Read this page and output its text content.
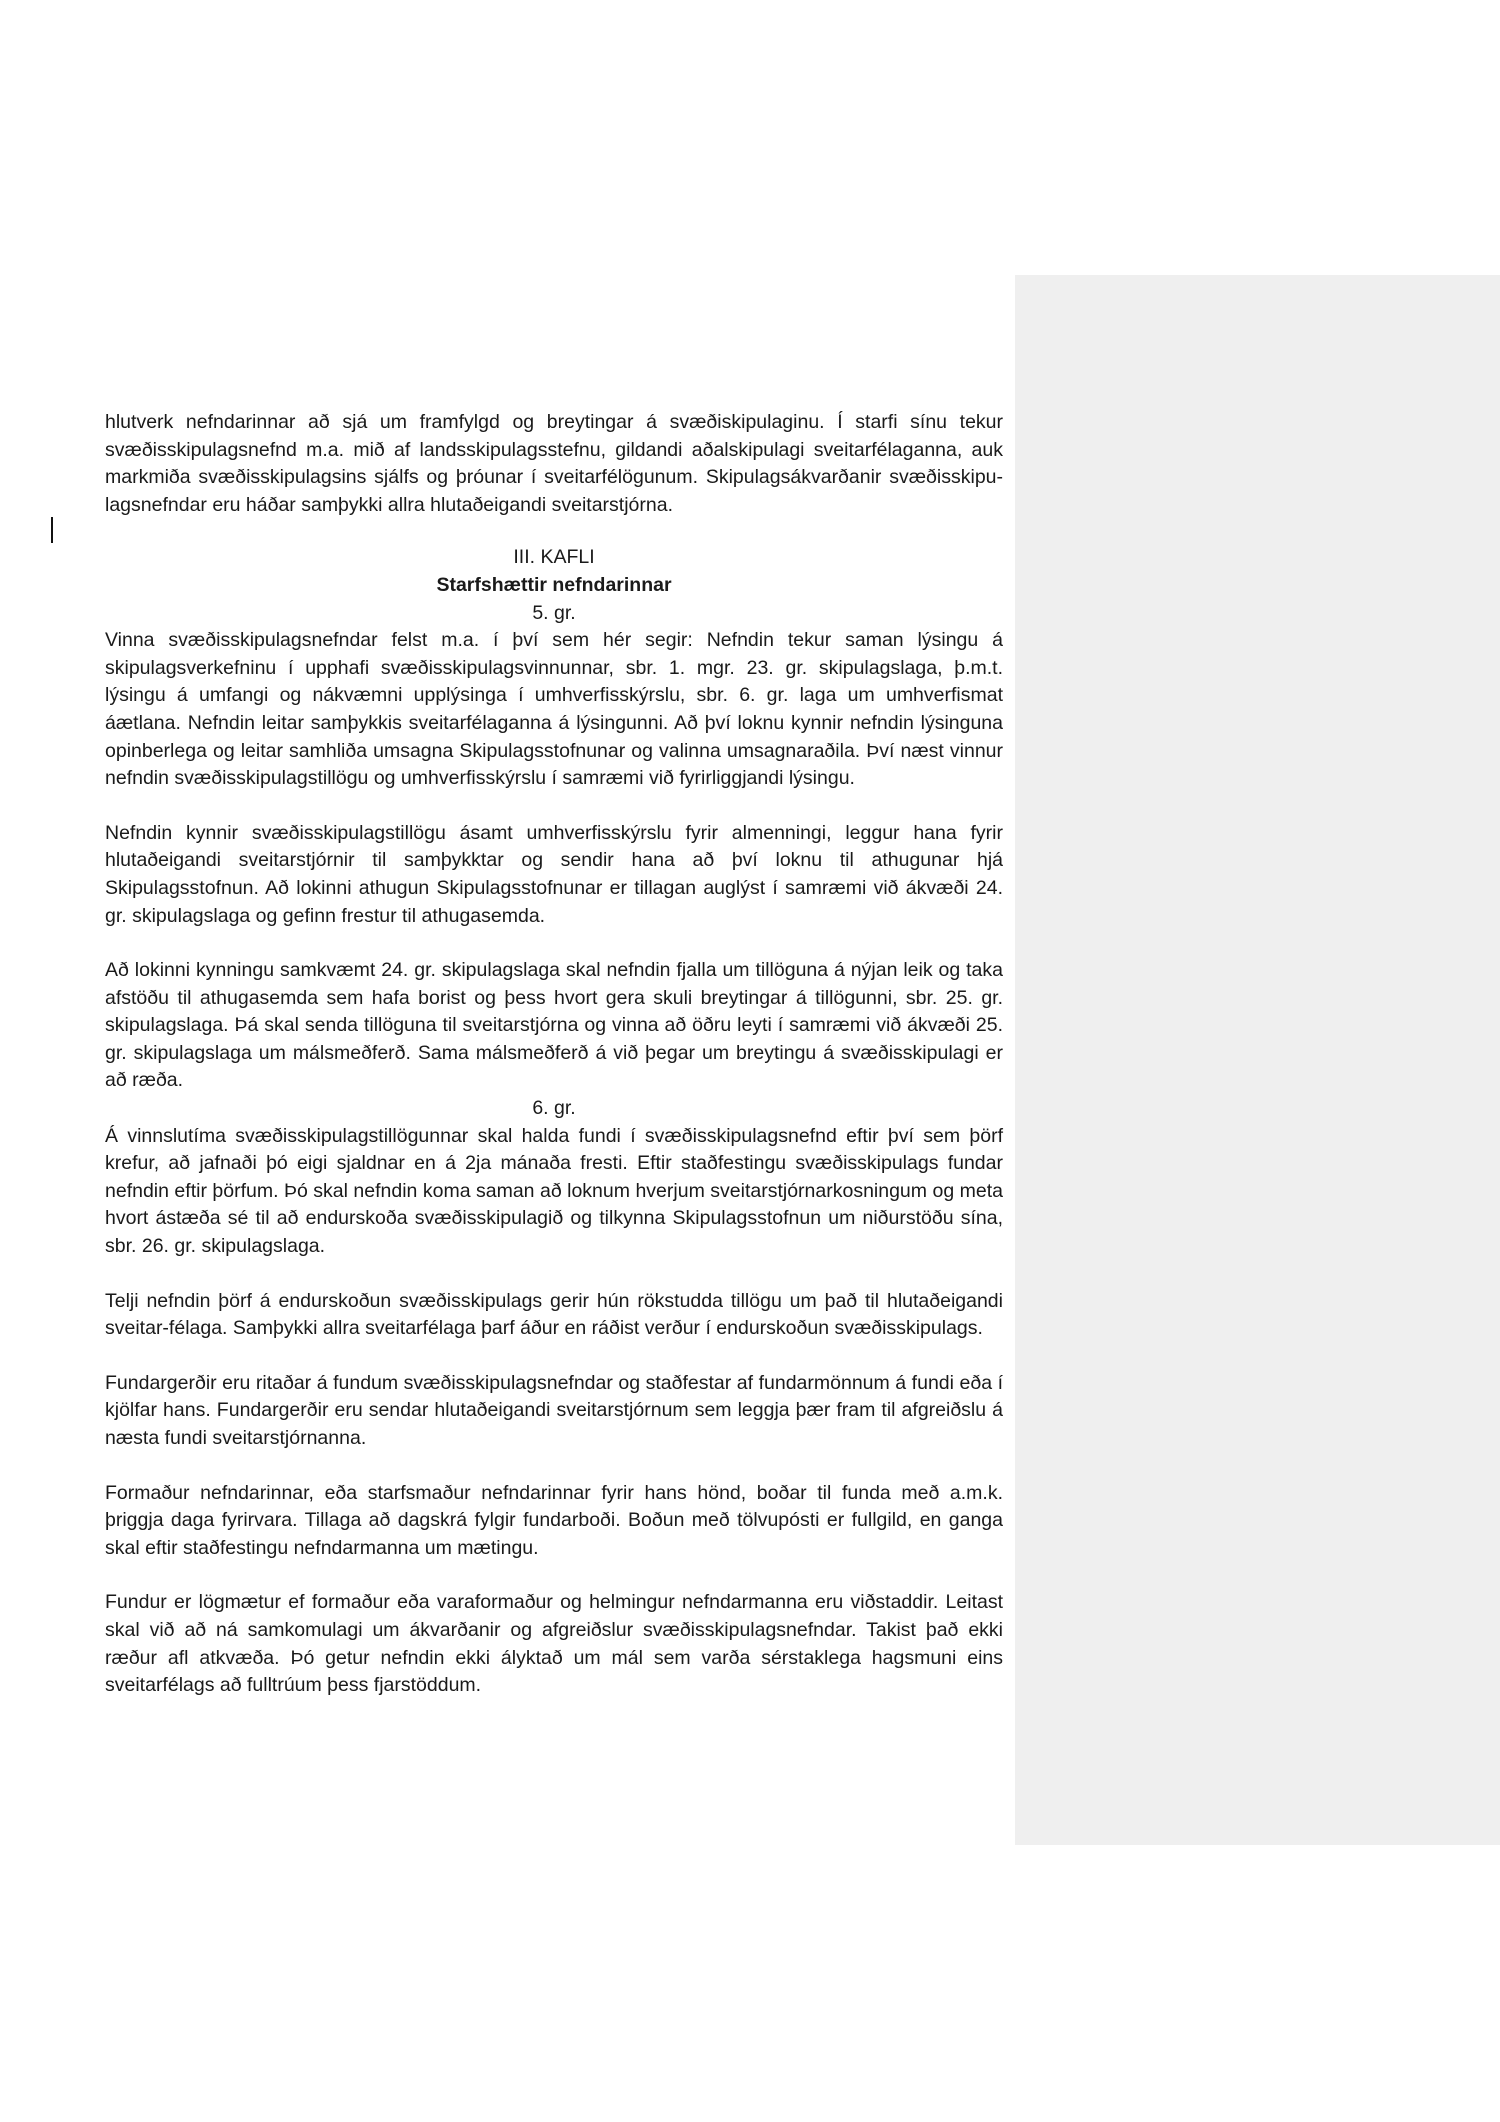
hlutverk nefndarinnar að sjá um framfylgd og breytingar á svæðiskipulaginu. Í starfi sínu tekur svæðisskipulagsnefnd m.a. mið af landsskipulagsstefnu, gildandi aðalskipulagi sveitarfélaganna, auk markmiða svæðisskipulagsins sjálfs og þróunar í sveitarfélögunum. Skipulagsákvarðanir svæðisskipu-lagsnefndar eru háðar samþykki allra hlutaðeigandi sveitarstjórna.

III. KAFLI

Starfshættir nefndarinnar

5. gr.

Vinna svæðisskipulagsnefndar felst m.a. í því sem hér segir: Nefndin tekur saman lýsingu á skipulagsverkefninu í upphafi svæðisskipulagsvinnunnar, sbr. 1. mgr. 23. gr. skipulagslaga, þ.m.t. lýsingu á umfangi og nákvæmni upplýsinga í umhverfisskýrslu, sbr. 6. gr. laga um umhverfismat áætlana. Nefndin leitar samþykkis sveitarfélaganna á lýsingunni. Að því loknu kynnir nefndin lýsinguna opinberlega og leitar samhliða umsagna Skipulagsstofnunar og valinna umsagnaraðila. Því næst vinnur nefndin svæðisskipulagstillögu og umhverfisskýrslu í samræmi við fyrirliggjandi lýsingu.

Nefndin kynnir svæðisskipulagstillögu ásamt umhverfisskýrslu fyrir almenningi, leggur hana fyrir hlutaðeigandi sveitarstjórnir til samþykktar og sendir hana að því loknu til athugunar hjá Skipulagsstofnun. Að lokinni athugun Skipulagsstofnunar er tillagan auglýst í samræmi við ákvæði 24. gr. skipulagslaga og gefinn frestur til athugasemda.

Að lokinni kynningu samkvæmt 24. gr. skipulagslaga skal nefndin fjalla um tillöguna á nýjan leik og taka afstöðu til athugasemda sem hafa borist og þess hvort gera skuli breytingar á tillögunni, sbr. 25. gr. skipulagslaga. Þá skal senda tillöguna til sveitarstjórna og vinna að öðru leyti í samræmi við ákvæði 25. gr. skipulagslaga um málsmeðferð. Sama málsmeðferð á við þegar um breytingu á svæðisskipulagi er að ræða.

6. gr.

Á vinnslutíma svæðisskipulagstillögunnar skal halda fundi í svæðisskipulagsnefnd eftir því sem þörf krefur, að jafnaði þó eigi sjaldnar en á 2ja mánaða fresti. Eftir staðfestingu svæðisskipulags fundar nefndin eftir þörfum. Þó skal nefndin koma saman að loknum hverjum sveitarstjórnarkosningum og meta hvort ástæða sé til að endurskoða svæðisskipulagið og tilkynna Skipulagsstofnun um niðurstöðu sína, sbr. 26. gr. skipulagslaga.

Telji nefndin þörf á endurskoðun svæðisskipulags gerir hún rökstudda tillögu um það til hlutaðeigandi sveitar-félaga. Samþykki allra sveitarfélaga þarf áður en ráðist verður í endurskoðun svæðisskipulags.

Fundargerðir eru ritaðar á fundum svæðisskipulagsnefndar og staðfestar af fundarmönnum á fundi eða í kjölfar hans. Fundargerðir eru sendar hlutaðeigandi sveitarstjórnum sem leggja þær fram til afgreiðslu á næsta fundi sveitarstjórnanna.

Formaður nefndarinnar, eða starfsmaður nefndarinnar fyrir hans hönd, boðar til funda með a.m.k. þriggja daga fyrirvara. Tillaga að dagskrá fylgir fundarboði. Boðun með tölvupósti er fullgild, en ganga skal eftir staðfestingu nefndarmanna um mætingu.

Fundur er lögmætur ef formaður eða varaformaður og helmingur nefndarmanna eru viðstaddir. Leitast skal við að ná samkomulagi um ákvarðanir og afgreiðslur svæðisskipulagsnefndar. Takist það ekki ræður afl atkvæða. Þó getur nefndin ekki ályktað um mál sem varða sérstaklega hagsmuni eins sveitarfélags að fulltrúum þess fjarstöddum.
